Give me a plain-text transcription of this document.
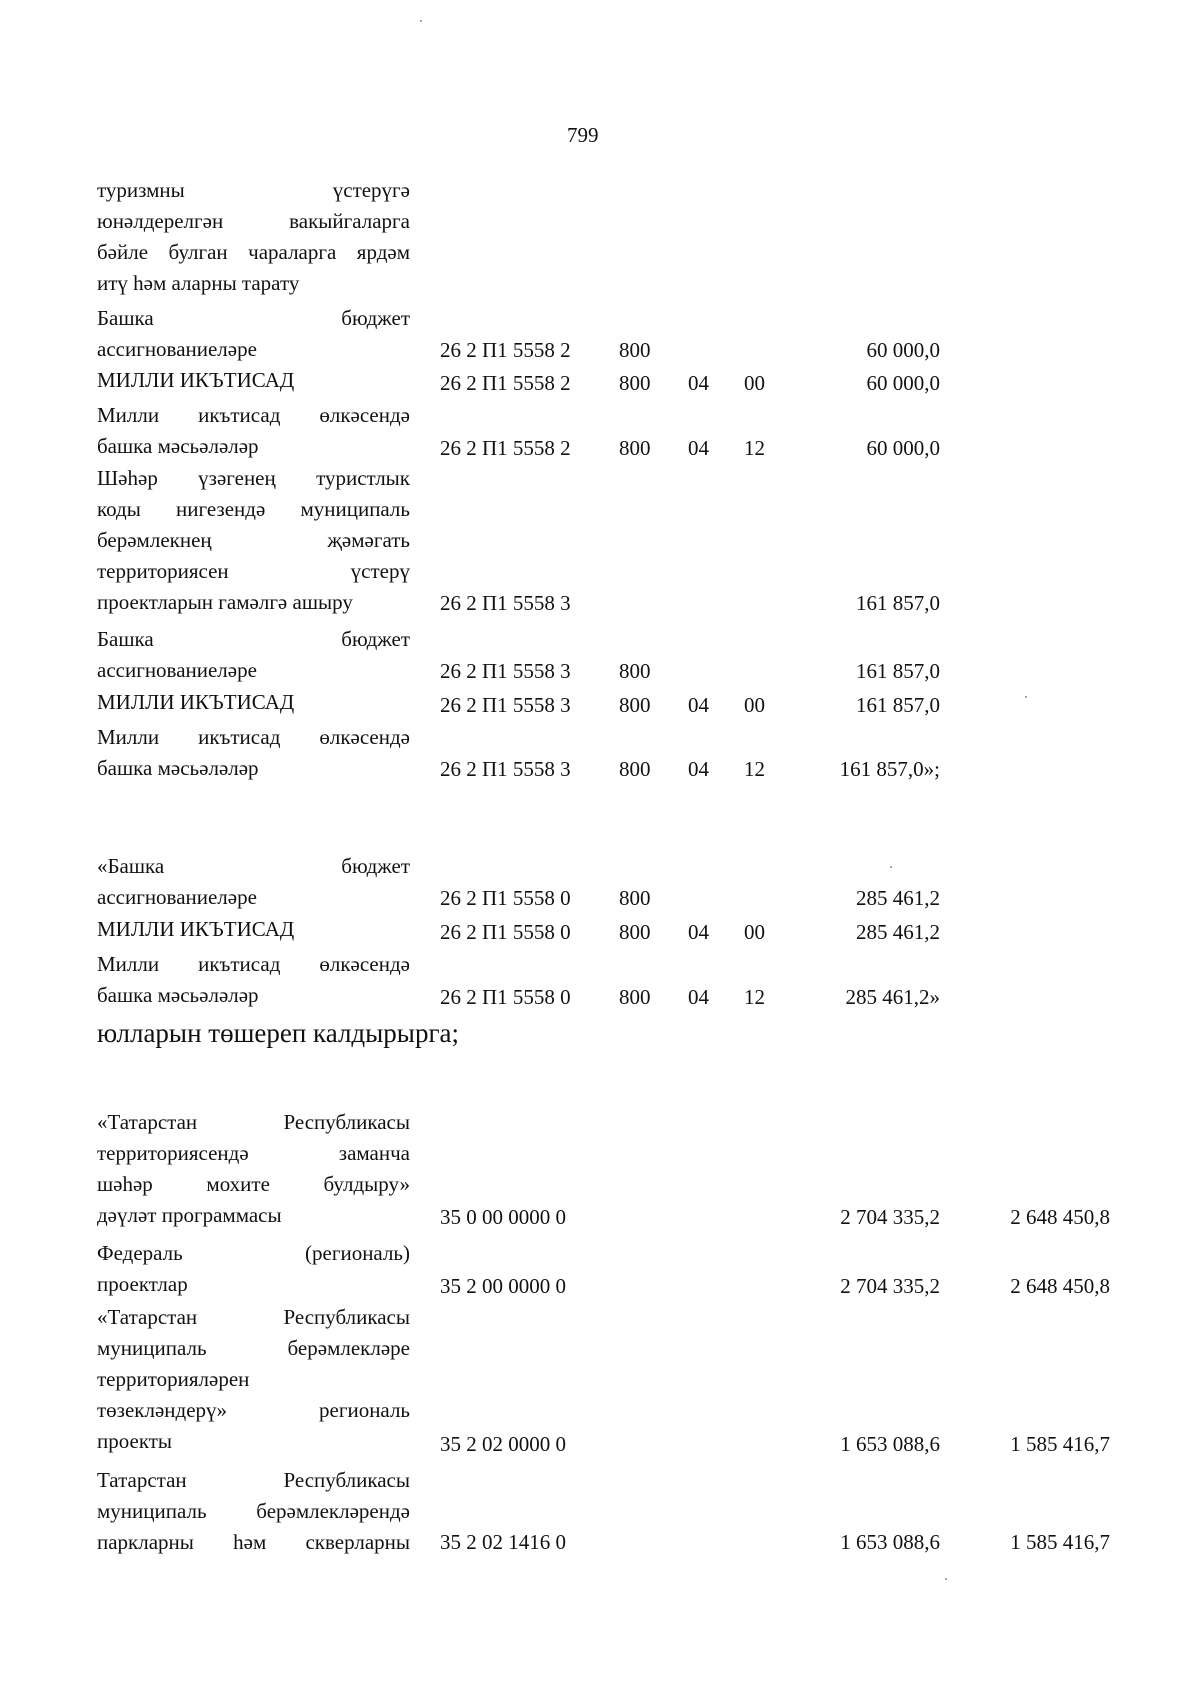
799
туризмны үстерүгә
юнәлдерелгән вакыйгаларга
бәйле булган чараларга ярдәм
итү һәм аларны тарату
Башка бюджет
ассигнованиеләре	26 2 П1 5558 2 800	60 000,0
МИЛЛИ ИКЪТИСАД	26 2 П1 5558 2 800 04 00	60 000,0
Милли икътисад өлкәсендә
башка мәсьәләләр	26 2 П1 5558 2 800 04 12	60 000,0
Шәһәр үзәгенең туристлык
коды нигезендә муниципаль
берәмлекнең җәмәгать
территориясен үстерү
проектларын гамәлгә ашыру	26 2 П1 5558 3	161 857,0
Башка бюджет
ассигнованиеләре	26 2 П1 5558 3 800	161 857,0
МИЛЛИ ИКЪТИСАД	26 2 П1 5558 3 800 04 00	161 857,0
Милли икътисад өлкәсендә
башка мәсьәләләр	26 2 П1 5558 3 800 04 12	161 857,0»;
«Башка бюджет
ассигнованиеләре	26 2 П1 5558 0 800	285 461,2
МИЛЛИ ИКЪТИСАД	26 2 П1 5558 0 800 04 00	285 461,2
Милли икътисад өлкәсендә
башка мәсьәләләр	26 2 П1 5558 0 800 04 12	285 461,2»
юлларын төшереп калдырырга;
«Татарстан Республикасы
территориясендә заманча
шәһәр мохите булдыру»
дәүләт программасы	35 0 00 0000 0	2 704 335,2	2 648 450,8
Федераль (региональ)
проектлар	35 2 00 0000 0	2 704 335,2	2 648 450,8
«Татарстан Республикасы
муниципаль берәмлекләре
территорияләрен
төзекләндерү» региональ
проекты	35 2 02 0000 0	1 653 088,6	1 585 416,7
Татарстан Республикасы
муниципаль берәмлекләрендә
паркларны һәм скверларны 35 2 02 1416 0	1 653 088,6	1 585 416,7
